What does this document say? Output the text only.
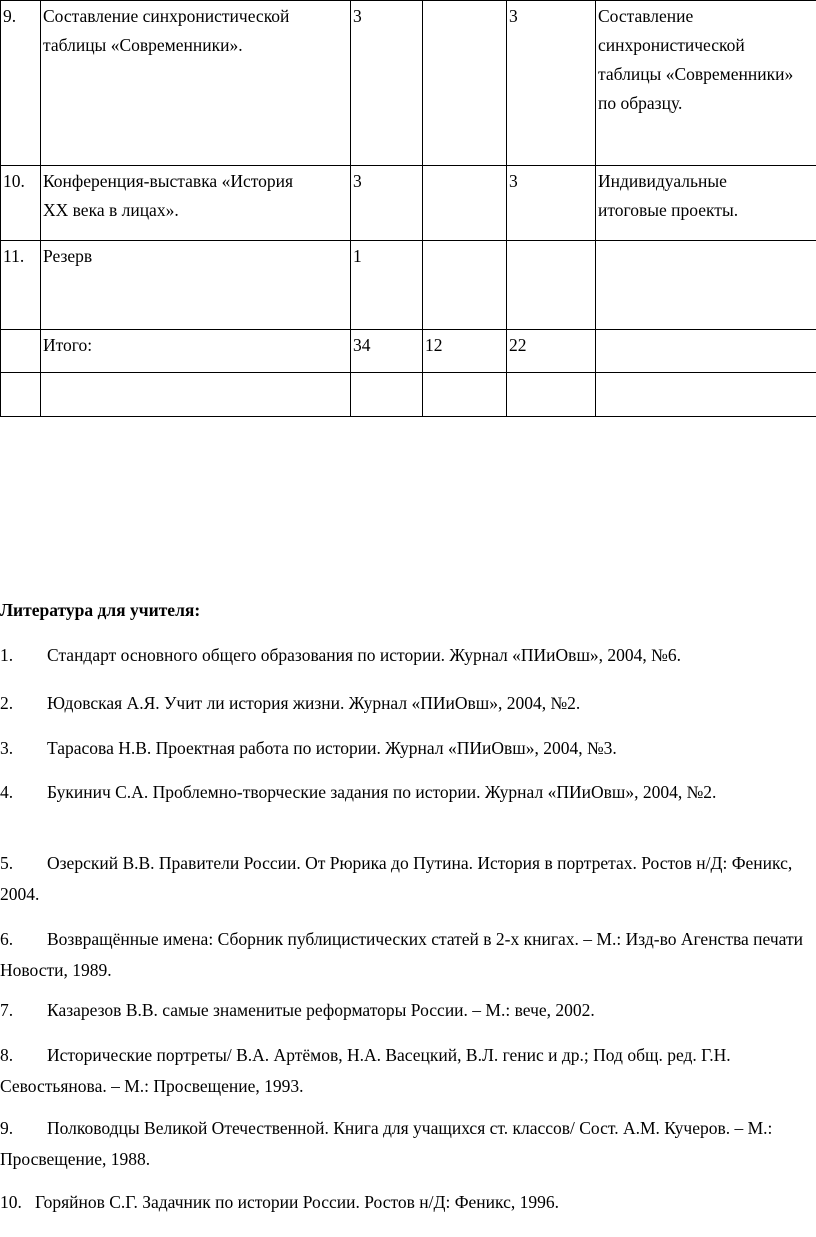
9.	Составление синхронистической
таблицы «Современники».	3		3	Составление
синхронистической
таблицы «Современники»
по образцу.
10.	Конференция-выставка «История
XX века в лицах».	3		3	Индивидуальные
итоговые проекты.
11.	Резерв	1			
	Итого:	34	12	22	

Литература для учителя:
1. Стандарт основного общего образования по истории. Журнал «ПИиОвш», 2004, №6.
2. Юдовская А.Я. Учит ли история жизни. Журнал «ПИиОвш», 2004, №2.
3. Тарасова Н.В. Проектная работа по истории. Журнал «ПИиОвш», 2004, №3.
4. Букинич С.А. Проблемно-творческие задания по истории. Журнал «ПИиОвш», 2004, №2.
5. Озерский В.В. Правители России. От Рюрика до Путина. История в портретах. Ростов н/Д: Феникс, 2004.
6. Возвращённые имена: Сборник публицистических статей в 2-х книгах. – М.: Изд-во Агенства печати Новости, 1989.
7. Казарезов В.В. самые знаменитые реформаторы России. – М.: вече, 2002.
8. Исторические портреты/ В.А. Артёмов, Н.А. Васецкий, В.Л. генис и др.; Под общ. ред. Г.Н. Севостьянова. – М.: Просвещение, 1993.
9. Полководцы Великой Отечественной. Книга для учащихся ст. классов/ Сост. А.М. Кучеров. – М.: Просвещение, 1988.
10. Горяйнов С.Г. Задачник по истории России. Ростов н/Д: Феникс, 1996.
